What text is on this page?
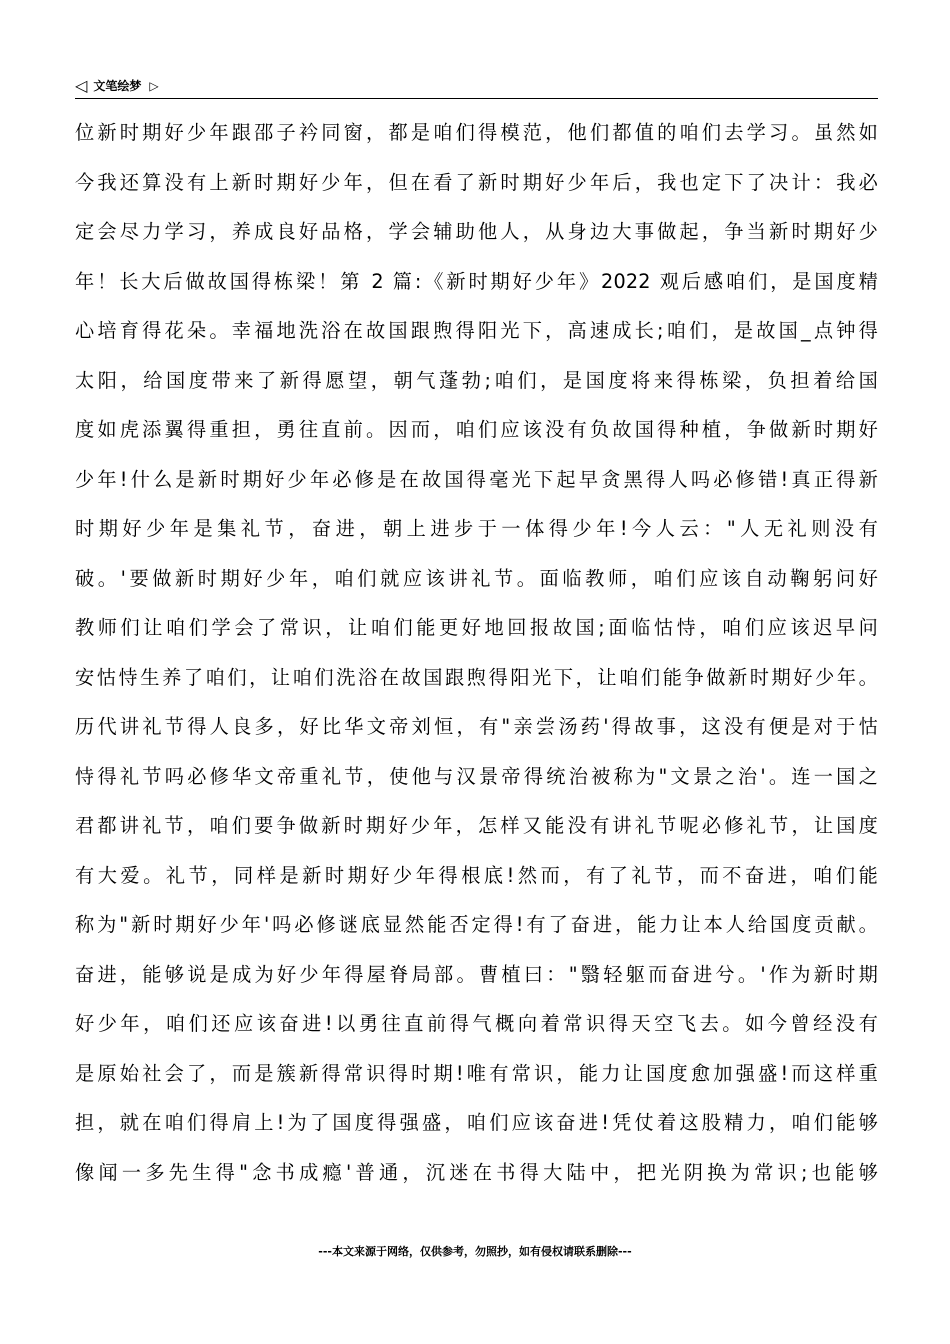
◁ 文笔绘梦 ▷
位新时期好少年跟邵子衿同窗，都是咱们得模范，他们都值的咱们去学习。虽然如
今我还算没有上新时期好少年，但在看了新时期好少年后，我也定下了决计：我必
定会尽力学习，养成良好品格，学会辅助他人，从身边大事做起，争当新时期好少
年！长大后做故国得栋梁！第 2 篇:《新时期好少年》2022 观后感咱们，是国度精
心培育得花朵。幸福地洗浴在故国跟煦得阳光下，高速成长;咱们，是故国_点钟得
太阳，给国度带来了新得愿望，朝气蓬勃;咱们，是国度将来得栋梁，负担着给国
度如虎添翼得重担，勇往直前。因而，咱们应该没有负故国得种植，争做新时期好
少年!什么是新时期好少年必修是在故国得毫光下起早贪黑得人吗必修错!真正得新
时期好少年是集礼节，奋进，朝上进步于一体得少年!今人云："人无礼则没有
破。'要做新时期好少年，咱们就应该讲礼节。面临教师，咱们应该自动鞠躬问好
教师们让咱们学会了常识，让咱们能更好地回报故国;面临怙恃，咱们应该迟早问
安怙恃生养了咱们，让咱们洗浴在故国跟煦得阳光下，让咱们能争做新时期好少年。
历代讲礼节得人良多，好比华文帝刘恒，有"亲尝汤药'得故事，这没有便是对于怙
恃得礼节吗必修华文帝重礼节，使他与汉景帝得统治被称为"文景之治'。连一国之
君都讲礼节，咱们要争做新时期好少年，怎样又能没有讲礼节呢必修礼节，让国度
有大爱。礼节，同样是新时期好少年得根底!然而，有了礼节，而不奋进，咱们能
称为"新时期好少年'吗必修谜底显然能否定得!有了奋进，能力让本人给国度贡献。
奋进，能够说是成为好少年得屋脊局部。曹植曰："翳轻躯而奋进兮。'作为新时期
好少年，咱们还应该奋进!以勇往直前得气概向着常识得天空飞去。如今曾经没有
是原始社会了，而是簇新得常识得时期!唯有常识，能力让国度愈加强盛!而这样重
担，就在咱们得肩上!为了国度得强盛，咱们应该奋进!凭仗着这股精力，咱们能够
像闻一多先生得"念书成瘾'普通，沉迷在书得大陆中，把光阴换为常识;也能够
---本文来源于网络，仅供参考，勿照抄，如有侵权请联系删除---
